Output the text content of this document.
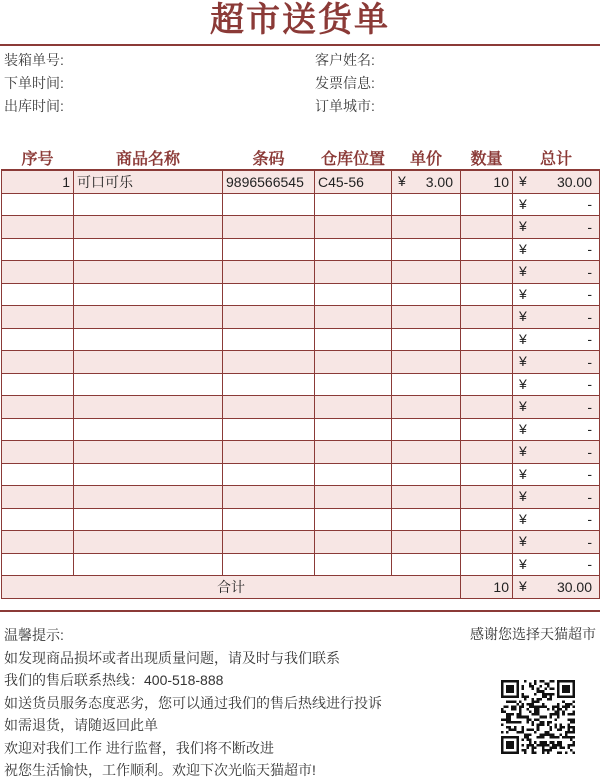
超市送货单
装箱单号:
下单时间:
出库时间:
客户姓名:
发票信息:
订单城市:
序号	商品名称	条码	仓库位置	单价	数量	总计
1	可口可乐	9896566545	C45-56	¥ 3.00	10	¥ 30.00

						¥ -

						¥ -

						¥ -

						¥ -

						¥ -

						¥ -

						¥ -

						¥ -

						¥ -

						¥ -

						¥ -

						¥ -

						¥ -

						¥ -

						¥ -

						¥ -

						¥ -

合计					10	¥ 30.00
温馨提示:
如发现商品损坏或者出现质量问题，请及时与我们联系
我们的售后联系热线：400-518-888
如送货员服务态度恶劣，您可以通过我们的售后热线进行投诉
如需退货，请随返回此单
欢迎对我们工作 进行监督，我们将不断改进
祝您生活愉快，工作顺利。欢迎下次光临天猫超市!
感谢您选择天猫超市
